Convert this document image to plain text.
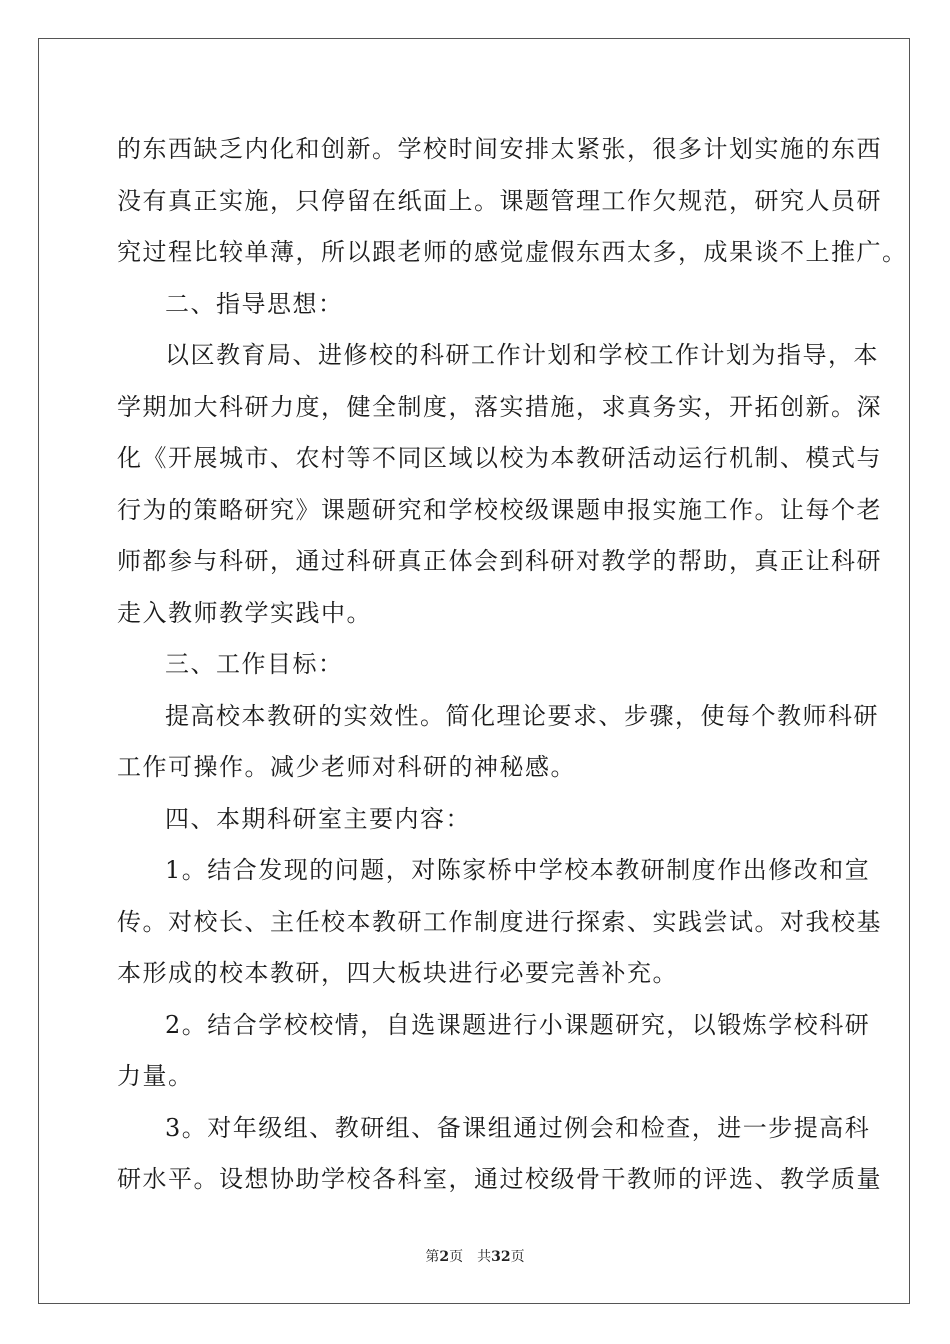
的东西缺乏内化和创新。学校时间安排太紧张，很多计划实施的东西
没有真正实施，只停留在纸面上。课题管理工作欠规范，研究人员研
究过程比较单薄，所以跟老师的感觉虚假东西太多，成果谈不上推广。
二、指导思想：
以区教育局、进修校的科研工作计划和学校工作计划为指导，本
学期加大科研力度，健全制度，落实措施，求真务实，开拓创新。深
化《开展城市、农村等不同区域以校为本教研活动运行机制、模式与
行为的策略研究》课题研究和学校校级课题申报实施工作。让每个老
师都参与科研，通过科研真正体会到科研对教学的帮助，真正让科研
走入教师教学实践中。
三、工作目标：
提高校本教研的实效性。简化理论要求、步骤，使每个教师科研
工作可操作。减少老师对科研的神秘感。
四、本期科研室主要内容：
1。结合发现的问题，对陈家桥中学校本教研制度作出修改和宣
传。对校长、主任校本教研工作制度进行探索、实践尝试。对我校基
本形成的校本教研，四大板块进行必要完善补充。
2。结合学校校情，自选课题进行小课题研究，以锻炼学校科研
力量。
3。对年级组、教研组、备课组通过例会和检查，进一步提高科
研水平。设想协助学校各科室，通过校级骨干教师的评选、教学质量
第2页 共32页
